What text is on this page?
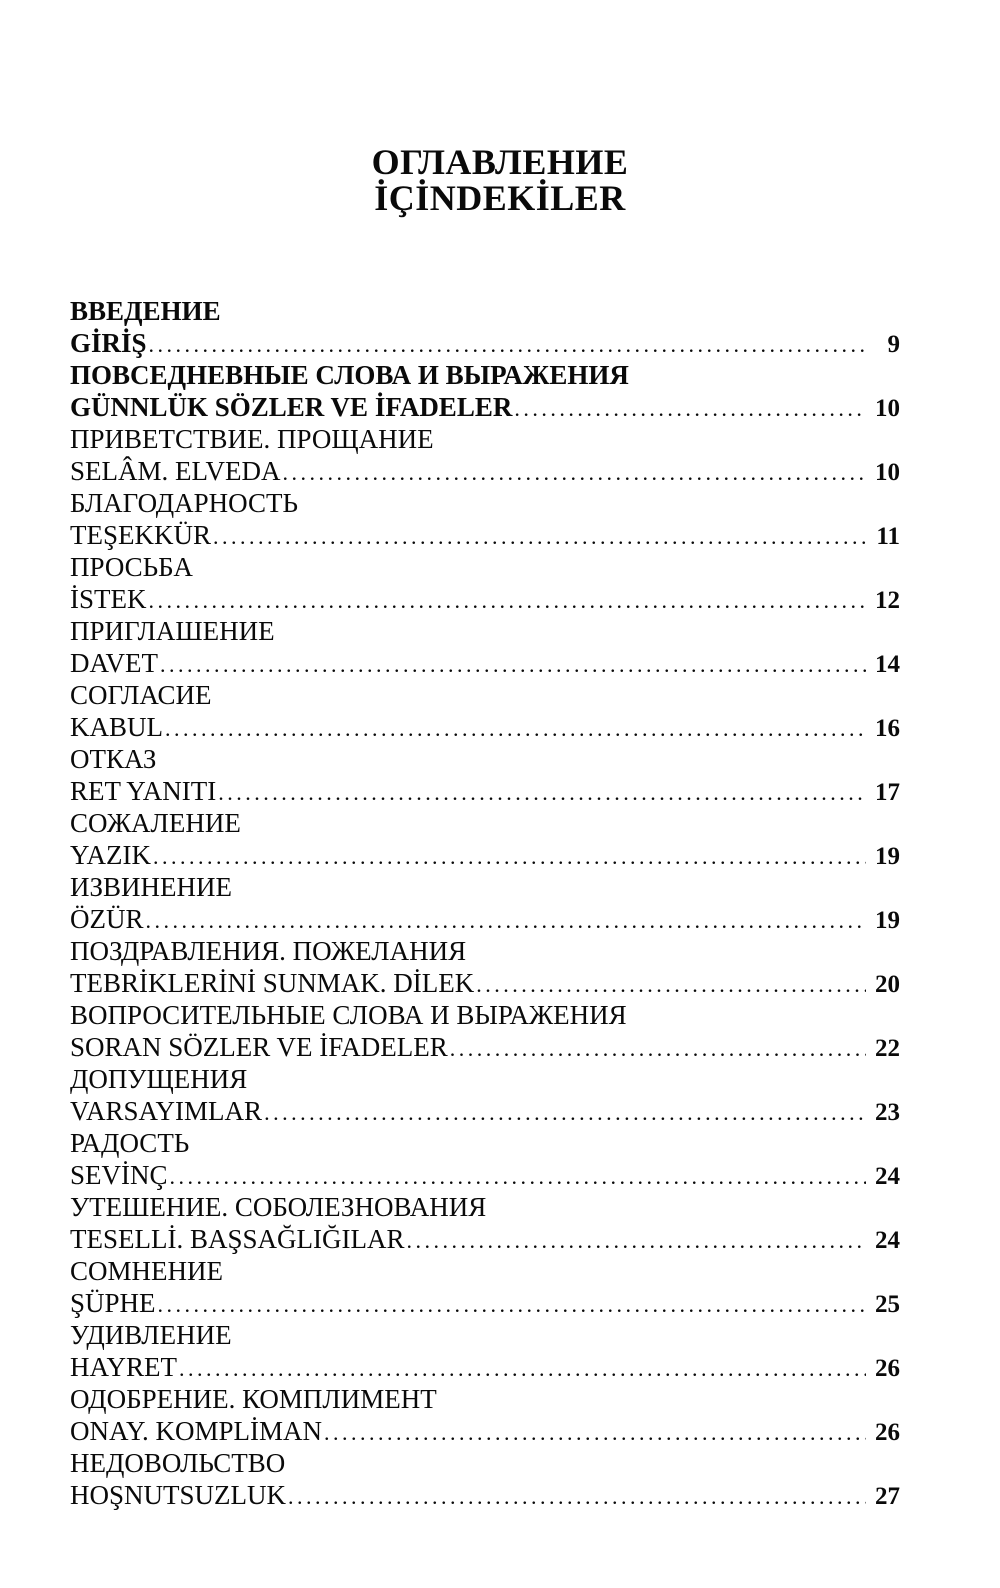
ОГЛАВЛЕНИЕ
İÇİNDEKİLER
ВВЕДЕНИЕ
GİRİŞ . . .	9
ПОВСЕДНЕВНЫЕ СЛОВА И ВЫРАЖЕНИЯ
GÜNNLÜK SÖZLER VE İFADELER . . .	10
ПРИВЕТСТВИЕ. ПРОЩАНИЕ
SELÂM. ELVEDA . . .	10
БЛАГОДАРНОСТЬ
TEŞEKKÜR . . .	11
ПРОСЬБА
İSTEK . . .	12
ПРИГЛАШЕНИЕ
DAVET . . .	14
СОГЛАСИЕ
KABUL . . .	16
ОТКАЗ
RET YANITI . . .	17
СОЖАЛЕНИЕ
YAZIK . . .	19
ИЗВИНЕНИЕ
ÖZÜR . . .	19
ПОЗДРАВЛЕНИЯ. ПОЖЕЛАНИЯ
TEBRİKLERİNİ SUNMAK. DİLEK . . .	20
ВОПРОСИТЕЛЬНЫЕ СЛОВА И ВЫРАЖЕНИЯ
SORAN SÖZLER VE İFADELER . . .	22
ДОПУЩЕНИЯ
VARSAYIMLAR . . .	23
РАДОСТЬ
SEVİNÇ . . .	24
УТЕШЕНИЕ. СОБОЛЕЗНОВАНИЯ
TESELLİ. BAŞSAĞLIĞILAR . . .	24
СОМНЕНИЕ
ŞÜPHE . . .	25
УДИВЛЕНИЕ
HAYRET . . .	26
ОДОБРЕНИЕ. КОМПЛИМЕНТ
ONAY. KOMPLİMAN . . .	26
НЕДОВОЛЬСТВО
HOŞNUTSUZLUK . . .	27
